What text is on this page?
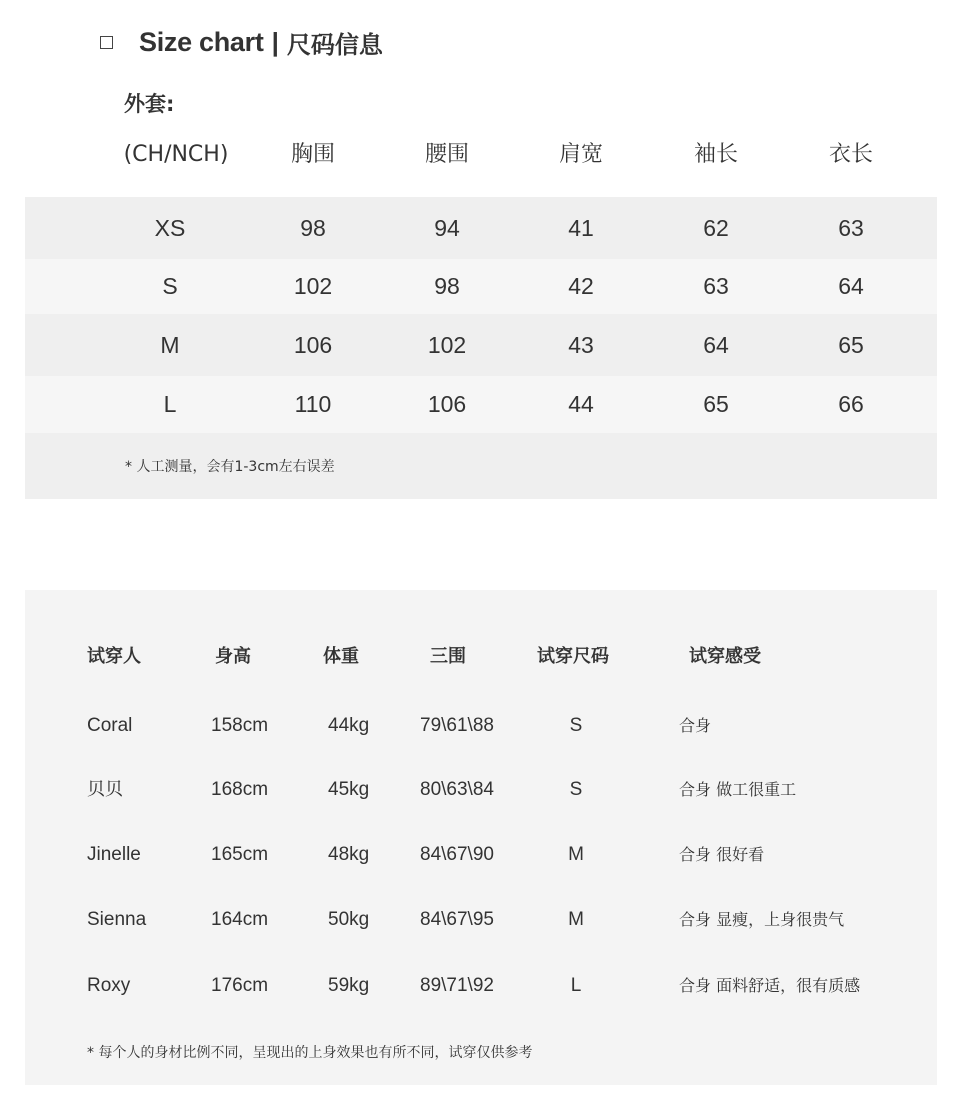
Size chart | 尺码信息
外套:
(CH/NCH)	胸围	腰围	肩宽	袖长	衣长
XS	98	94	41	62	63
S	102	98	42	63	64
M	106	102	43	64	65
L	110	106	44	65	66
* 人工测量，会有1-3cm左右误差
试穿人	身高	体重	三围	试穿尺码	试穿感受
Coral	158cm	44kg	79\61\88	S	合身
贝贝	168cm	45kg	80\63\84	S	合身 做工很重工
Jinelle	165cm	48kg	84\67\90	M	合身 很好看
Sienna	164cm	50kg	84\67\95	M	合身 显瘦，上身很贵气
Roxy	176cm	59kg	89\71\92	L	合身 面料舒适，很有质感
* 每个人的身材比例不同，呈现出的上身效果也有所不同，试穿仅供参考
